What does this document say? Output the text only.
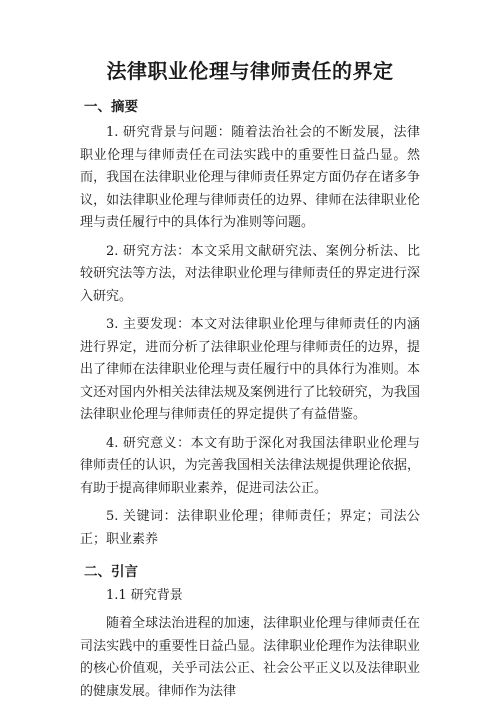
法律职业伦理与律师责任的界定
一、摘要

1. 研究背景与问题：随着法治社会的不断发展，法律职业伦理与律师责任在司法实践中的重要性日益凸显。然而，我国在法律职业伦理与律师责任界定方面仍存在诸多争议，如法律职业伦理与律师责任的边界、律师在法律职业伦理与责任履行中的具体行为准则等问题。

2. 研究方法：本文采用文献研究法、案例分析法、比较研究法等方法，对法律职业伦理与律师责任的界定进行深入研究。

3. 主要发现：本文对法律职业伦理与律师责任的内涵进行界定，进而分析了法律职业伦理与律师责任的边界，提出了律师在法律职业伦理与责任履行中的具体行为准则。本文还对国内外相关法律法规及案例进行了比较研究，为我国法律职业伦理与律师责任的界定提供了有益借鉴。

4. 研究意义：本文有助于深化对我国法律职业伦理与律师责任的认识，为完善我国相关法律法规提供理论依据，有助于提高律师职业素养，促进司法公正。

5. 关键词：法律职业伦理；律师责任；界定；司法公正；职业素养

二、引言
1.1 研究背景

随着全球法治进程的加速，法律职业伦理与律师责任在司法实践中的重要性日益凸显。法律职业伦理作为法律职业的核心价值观，关乎司法公正、社会公平正义以及法律职业的健康发展。律师作为法律
